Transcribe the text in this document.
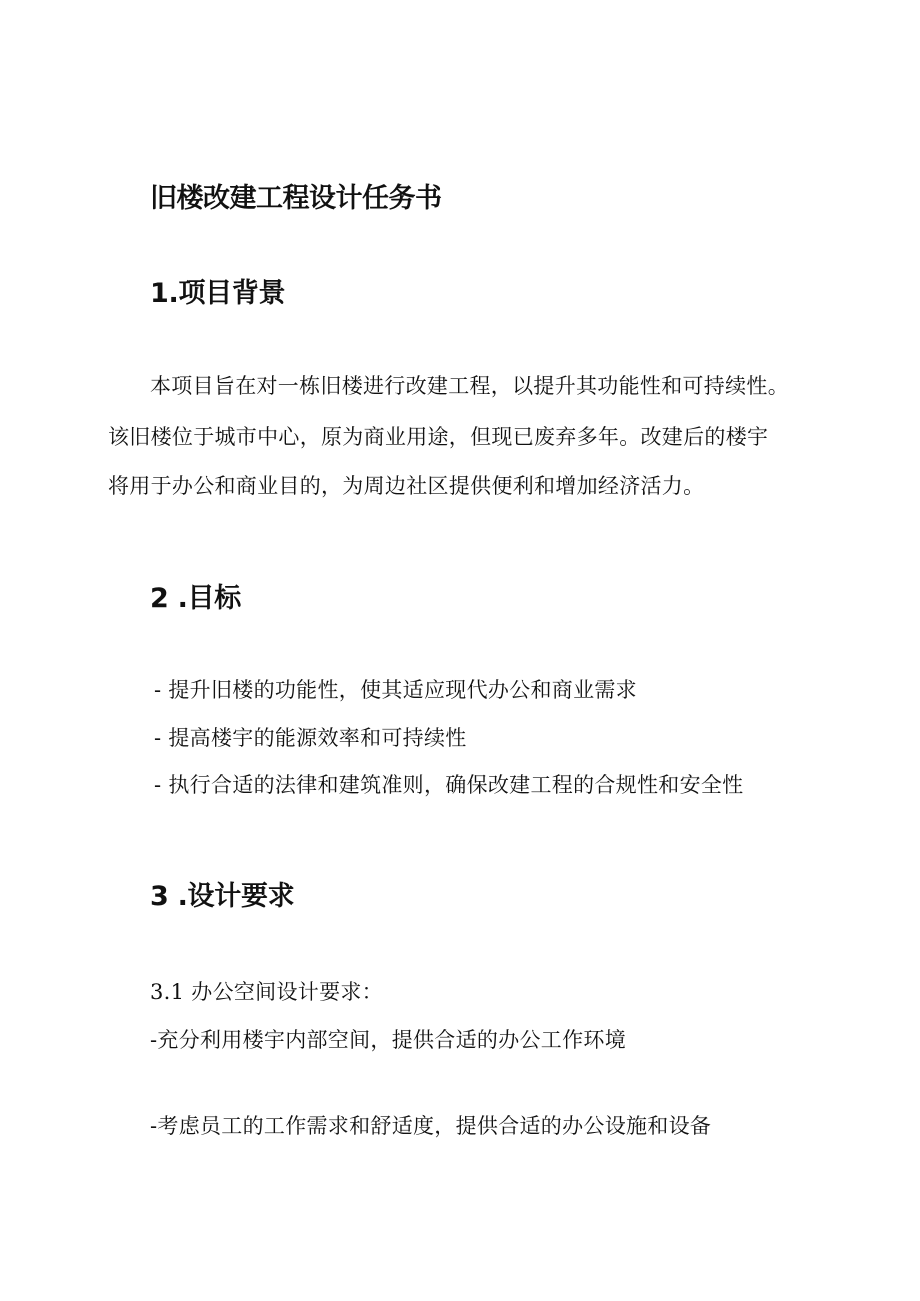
旧楼改建工程设计任务书
1.项目背景

本项目旨在对一栋旧楼进行改建工程，以提升其功能性和可持续性。

该旧楼位于城市中心，原为商业用途，但现已废弃多年。改建后的楼宇

将用于办公和商业目的，为周边社区提供便利和增加经济活力。

2 .目标

- 提升旧楼的功能性，使其适应现代办公和商业需求

- 提高楼宇的能源效率和可持续性

- 执行合适的法律和建筑准则，确保改建工程的合规性和安全性

3 .设计要求

3.1 办公空间设计要求：

-充分利用楼宇内部空间，提供合适的办公工作环境

-考虑员工的工作需求和舒适度，提供合适的办公设施和设备
